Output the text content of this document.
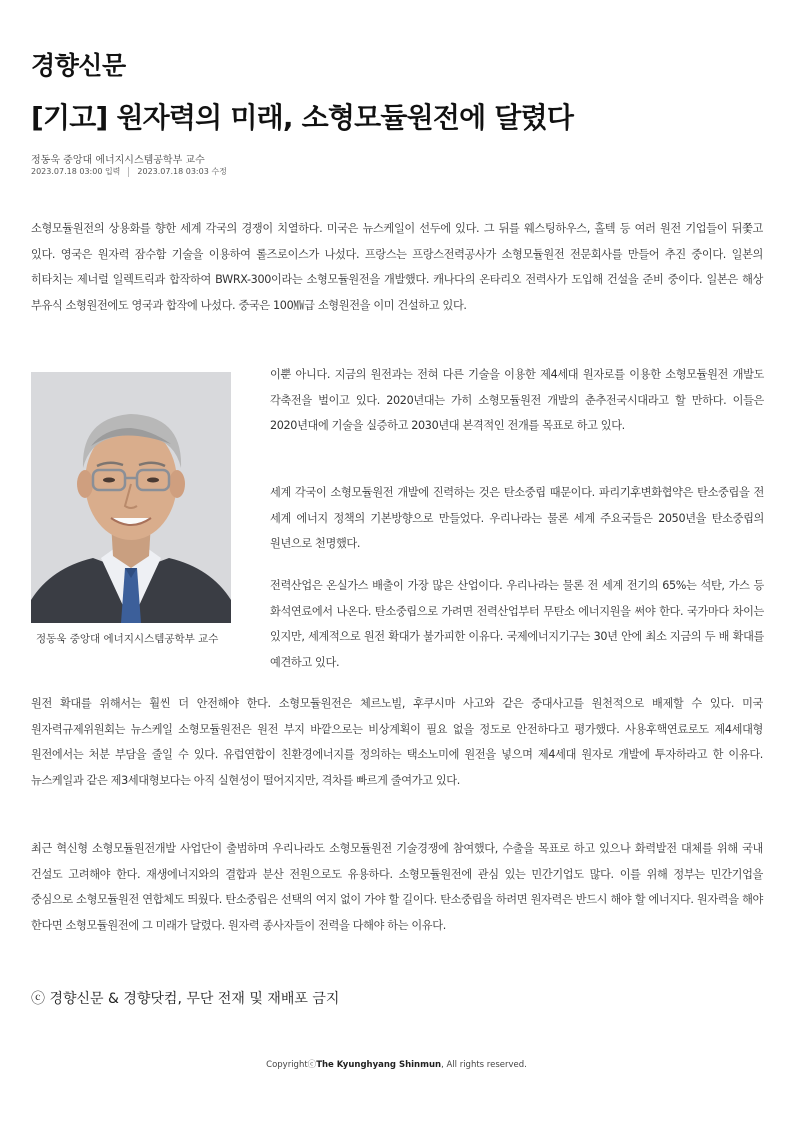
경향신문
[기고] 원자력의 미래, 소형모듈원전에 달렸다
정동욱 중앙대 에너지시스템공학부 교수
2023.07.18 03:00 입력 2023.07.18 03:03 수정

소형모듈원전의 상용화를 향한 세계 각국의 경쟁이 치열하다. 미국은 뉴스케일이 선두에 있다. 그 뒤를 웨스팅하우스, 홀텍 등 여러 원전 기업들이 뒤쫓고 있다. 영국은 원자력 잠수함 기술을 이용하여 롤즈로이스가 나섰다. 프랑스는 프랑스전력공사가 소형모듈원전 전문회사를 만들어 추진 중이다. 일본의 히타치는 제너럴 일렉트릭과 합작하여 BWRX-300이라는 소형모듈원전을 개발했다. 캐나다의 온타리오 전력사가 도입해 건설을 준비 중이다. 일본은 해상 부유식 소형원전에도 영국과 합작에 나섰다. 중국은 100㎿급 소형원전을 이미 건설하고 있다.

정동욱 중앙대 에너지시스템공학부 교수

이뿐 아니다. 지금의 원전과는 전혀 다른 기술을 이용한 제4세대 원자로를 이용한 소형모듈원전 개발도 각축전을 벌이고 있다. 2020년대는 가히 소형모듈원전 개발의 춘추전국시대라고 할 만하다. 이들은 2020년대에 기술을 실증하고 2030년대 본격적인 전개를 목표로 하고 있다.

세계 각국이 소형모듈원전 개발에 진력하는 것은 탄소중립 때문이다. 파리기후변화협약은 탄소중립을 전 세계 에너지 정책의 기본방향으로 만들었다. 우리나라는 물론 세계 주요국들은 2050년을 탄소중립의 원년으로 천명했다.

전력산업은 온실가스 배출이 가장 많은 산업이다. 우리나라는 물론 전 세계 전기의 65%는 석탄, 가스 등 화석연료에서 나온다. 탄소중립으로 가려면 전력산업부터 무탄소 에너지원을 써야 한다. 국가마다 차이는 있지만, 세계적으로 원전 확대가 불가피한 이유다. 국제에너지기구는 30년 안에 최소 지금의 두 배 확대를 예견하고 있다.

원전 확대를 위해서는 훨씬 더 안전해야 한다. 소형모듈원전은 체르노빌, 후쿠시마 사고와 같은 중대사고를 원천적으로 배제할 수 있다. 미국 원자력규제위원회는 뉴스케일 소형모듈원전은 원전 부지 바깥으로는 비상계획이 필요 없을 정도로 안전하다고 평가했다. 사용후핵연료로도 제4세대형 원전에서는 처분 부담을 줄일 수 있다. 유럽연합이 친환경에너지를 정의하는 택소노미에 원전을 넣으며 제4세대 원자로 개발에 투자하라고 한 이유다. 뉴스케일과 같은 제3세대형보다는 아직 실현성이 떨어지지만, 격차를 빠르게 줄여가고 있다.

최근 혁신형 소형모듈원전개발 사업단이 출범하며 우리나라도 소형모듈원전 기술경쟁에 참여했다, 수출을 목표로 하고 있으나 화력발전 대체를 위해 국내 건설도 고려해야 한다. 재생에너지와의 결합과 분산 전원으로도 유용하다. 소형모듈원전에 관심 있는 민간기업도 많다. 이를 위해 정부는 민간기업을 중심으로 소형모듈원전 연합체도 띄웠다. 탄소중립은 선택의 여지 없이 가야 할 길이다. 탄소중립을 하려면 원자력은 반드시 해야 할 에너지다. 원자력을 해야 한다면 소형모듈원전에 그 미래가 달렸다. 원자력 종사자들이 전력을 다해야 하는 이유다.

ⓒ 경향신문 & 경향닷컴, 무단 전재 및 재배포 금지
CopyrightⓒThe Kyunghyang Shinmun, All rights reserved.
